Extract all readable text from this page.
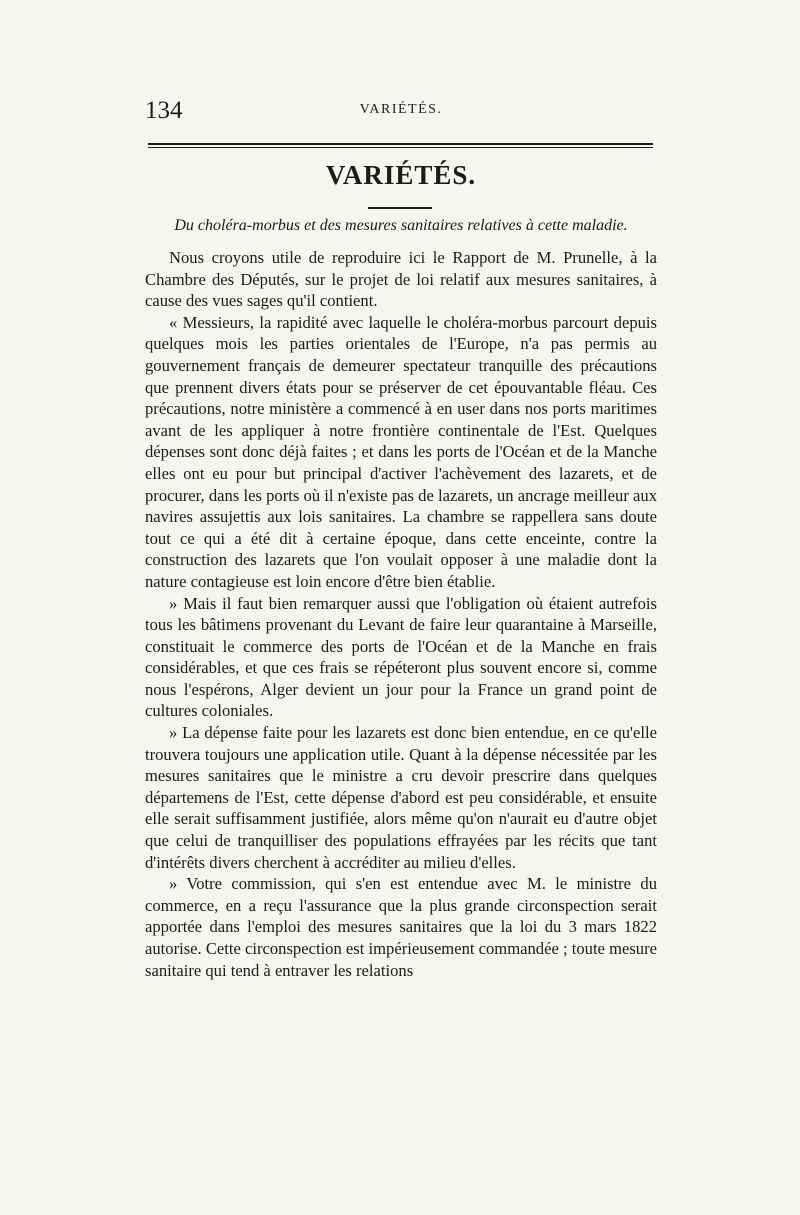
134	VARIÉTÉS.
VARIÉTÉS.
Du choléra-morbus et des mesures sanitaires relatives à cette maladie.

Nous croyons utile de reproduire ici le Rapport de M. Prunelle, à la Chambre des Députés, sur le projet de loi relatif aux mesures sanitaires, à cause des vues sages qu'il contient.

« Messieurs, la rapidité avec laquelle le choléra-morbus parcourt depuis quelques mois les parties orientales de l'Europe, n'a pas permis au gouvernement français de demeurer spectateur tranquille des précautions que prennent divers états pour se préserver de cet épouvantable fléau. Ces précautions, notre ministère a commencé à en user dans nos ports maritimes avant de les appliquer à notre frontière continentale de l'Est. Quelques dépenses sont donc déjà faites ; et dans les ports de l'Océan et de la Manche elles ont eu pour but principal d'activer l'achèvement des lazarets, et de procurer, dans les ports où il n'existe pas de lazarets, un ancrage meilleur aux navires assujettis aux lois sanitaires. La chambre se rappellera sans doute tout ce qui a été dit à certaine époque, dans cette enceinte, contre la construction des lazarets que l'on voulait opposer à une maladie dont la nature contagieuse est loin encore d'être bien établie.

» Mais il faut bien remarquer aussi que l'obligation où étaient autrefois tous les bâtimens provenant du Levant de faire leur quarantaine à Marseille, constituait le commerce des ports de l'Océan et de la Manche en frais considérables, et que ces frais se répéteront plus souvent encore si, comme nous l'espérons, Alger devient un jour pour la France un grand point de cultures coloniales.

» La dépense faite pour les lazarets est donc bien entendue, en ce qu'elle trouvera toujours une application utile. Quant à la dépense nécessitée par les mesures sanitaires que le ministre a cru devoir prescrire dans quelques départemens de l'Est, cette dépense d'abord est peu considérable, et ensuite elle serait suffisamment justifiée, alors même qu'on n'aurait eu d'autre objet que celui de tranquilliser des populations effrayées par les récits que tant d'intérêts divers cherchent à accréditer au milieu d'elles.

» Votre commission, qui s'en est entendue avec M. le ministre du commerce, en a reçu l'assurance que la plus grande circonspection serait apportée dans l'emploi des mesures sanitaires que la loi du 3 mars 1822 autorise. Cette circonspection est impérieusement commandée ; toute mesure sanitaire qui tend à entraver les relations
